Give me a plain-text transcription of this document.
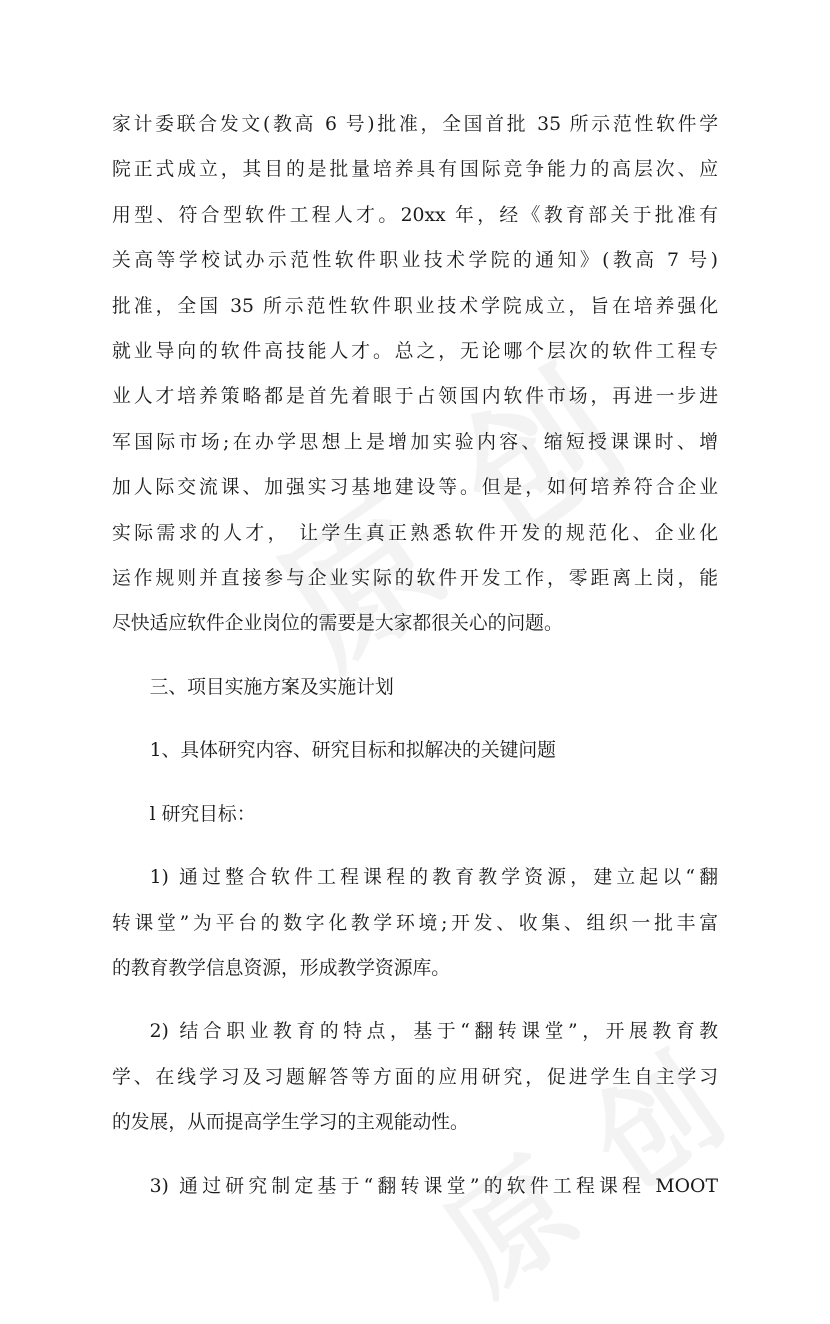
家计委联合发文(教高 6 号)批准，全国首批 35 所示范性软件学
院正式成立，其目的是批量培养具有国际竞争能力的高层次、应
用型、符合型软件工程人才。20xx 年，经《教育部关于批准有
关高等学校试办示范性软件职业技术学院的通知》(教高 7 号)
批准，全国 35 所示范性软件职业技术学院成立，旨在培养强化
就业导向的软件高技能人才。总之，无论哪个层次的软件工程专
业人才培养策略都是首先着眼于占领国内软件市场，再进一步进
军国际市场;在办学思想上是增加实验内容、缩短授课课时、增
加人际交流课、加强实习基地建设等。但是，如何培养符合企业
实际需求的人才， 让学生真正熟悉软件开发的规范化、企业化
运作规则并直接参与企业实际的软件开发工作，零距离上岗，能
尽快适应软件企业岗位的需要是大家都很关心的问题。

三、项目实施方案及实施计划

1、具体研究内容、研究目标和拟解决的关键问题

l 研究目标：

1) 通过整合软件工程课程的教育教学资源，建立起以“翻
转课堂”为平台的数字化教学环境;开发、收集、组织一批丰富
的教育教学信息资源，形成教学资源库。

2) 结合职业教育的特点，基于“翻转课堂”，开展教育教
学、在线学习及习题解答等方面的应用研究，促进学生自主学习
的发展，从而提高学生学习的主观能动性。

3) 通过研究制定基于“翻转课堂”的软件工程课程 MOOT
